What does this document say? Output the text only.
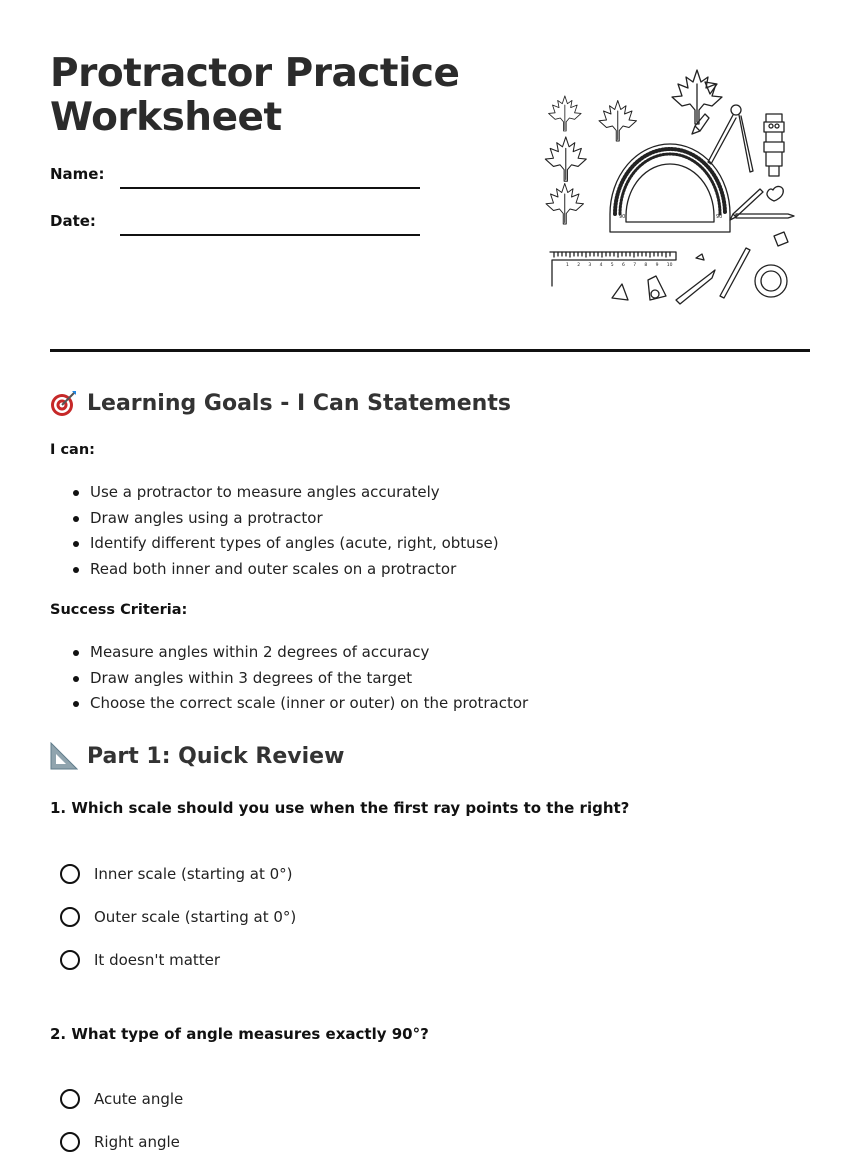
Protractor Practice
Worksheet
Name:
Date:	90	90
1 2 3 4 5 6 7 8 9 10
Learning Goals - I Can Statements
I can:
Use a protractor to measure angles accurately
Draw angles using a protractor
Identify different types of angles (acute, right, obtuse)
Read both inner and outer scales on a protractor
Success Criteria:
Measure angles within 2 degrees of accuracy
Draw angles within 3 degrees of the target
Choose the correct scale (inner or outer) on the protractor
Part 1: Quick Review
1. Which scale should you use when the first ray points to the right?
Inner scale (starting at 0°)
Outer scale (starting at 0°)
It doesn't matter
2. What type of angle measures exactly 90°?
Acute angle
Right angle
